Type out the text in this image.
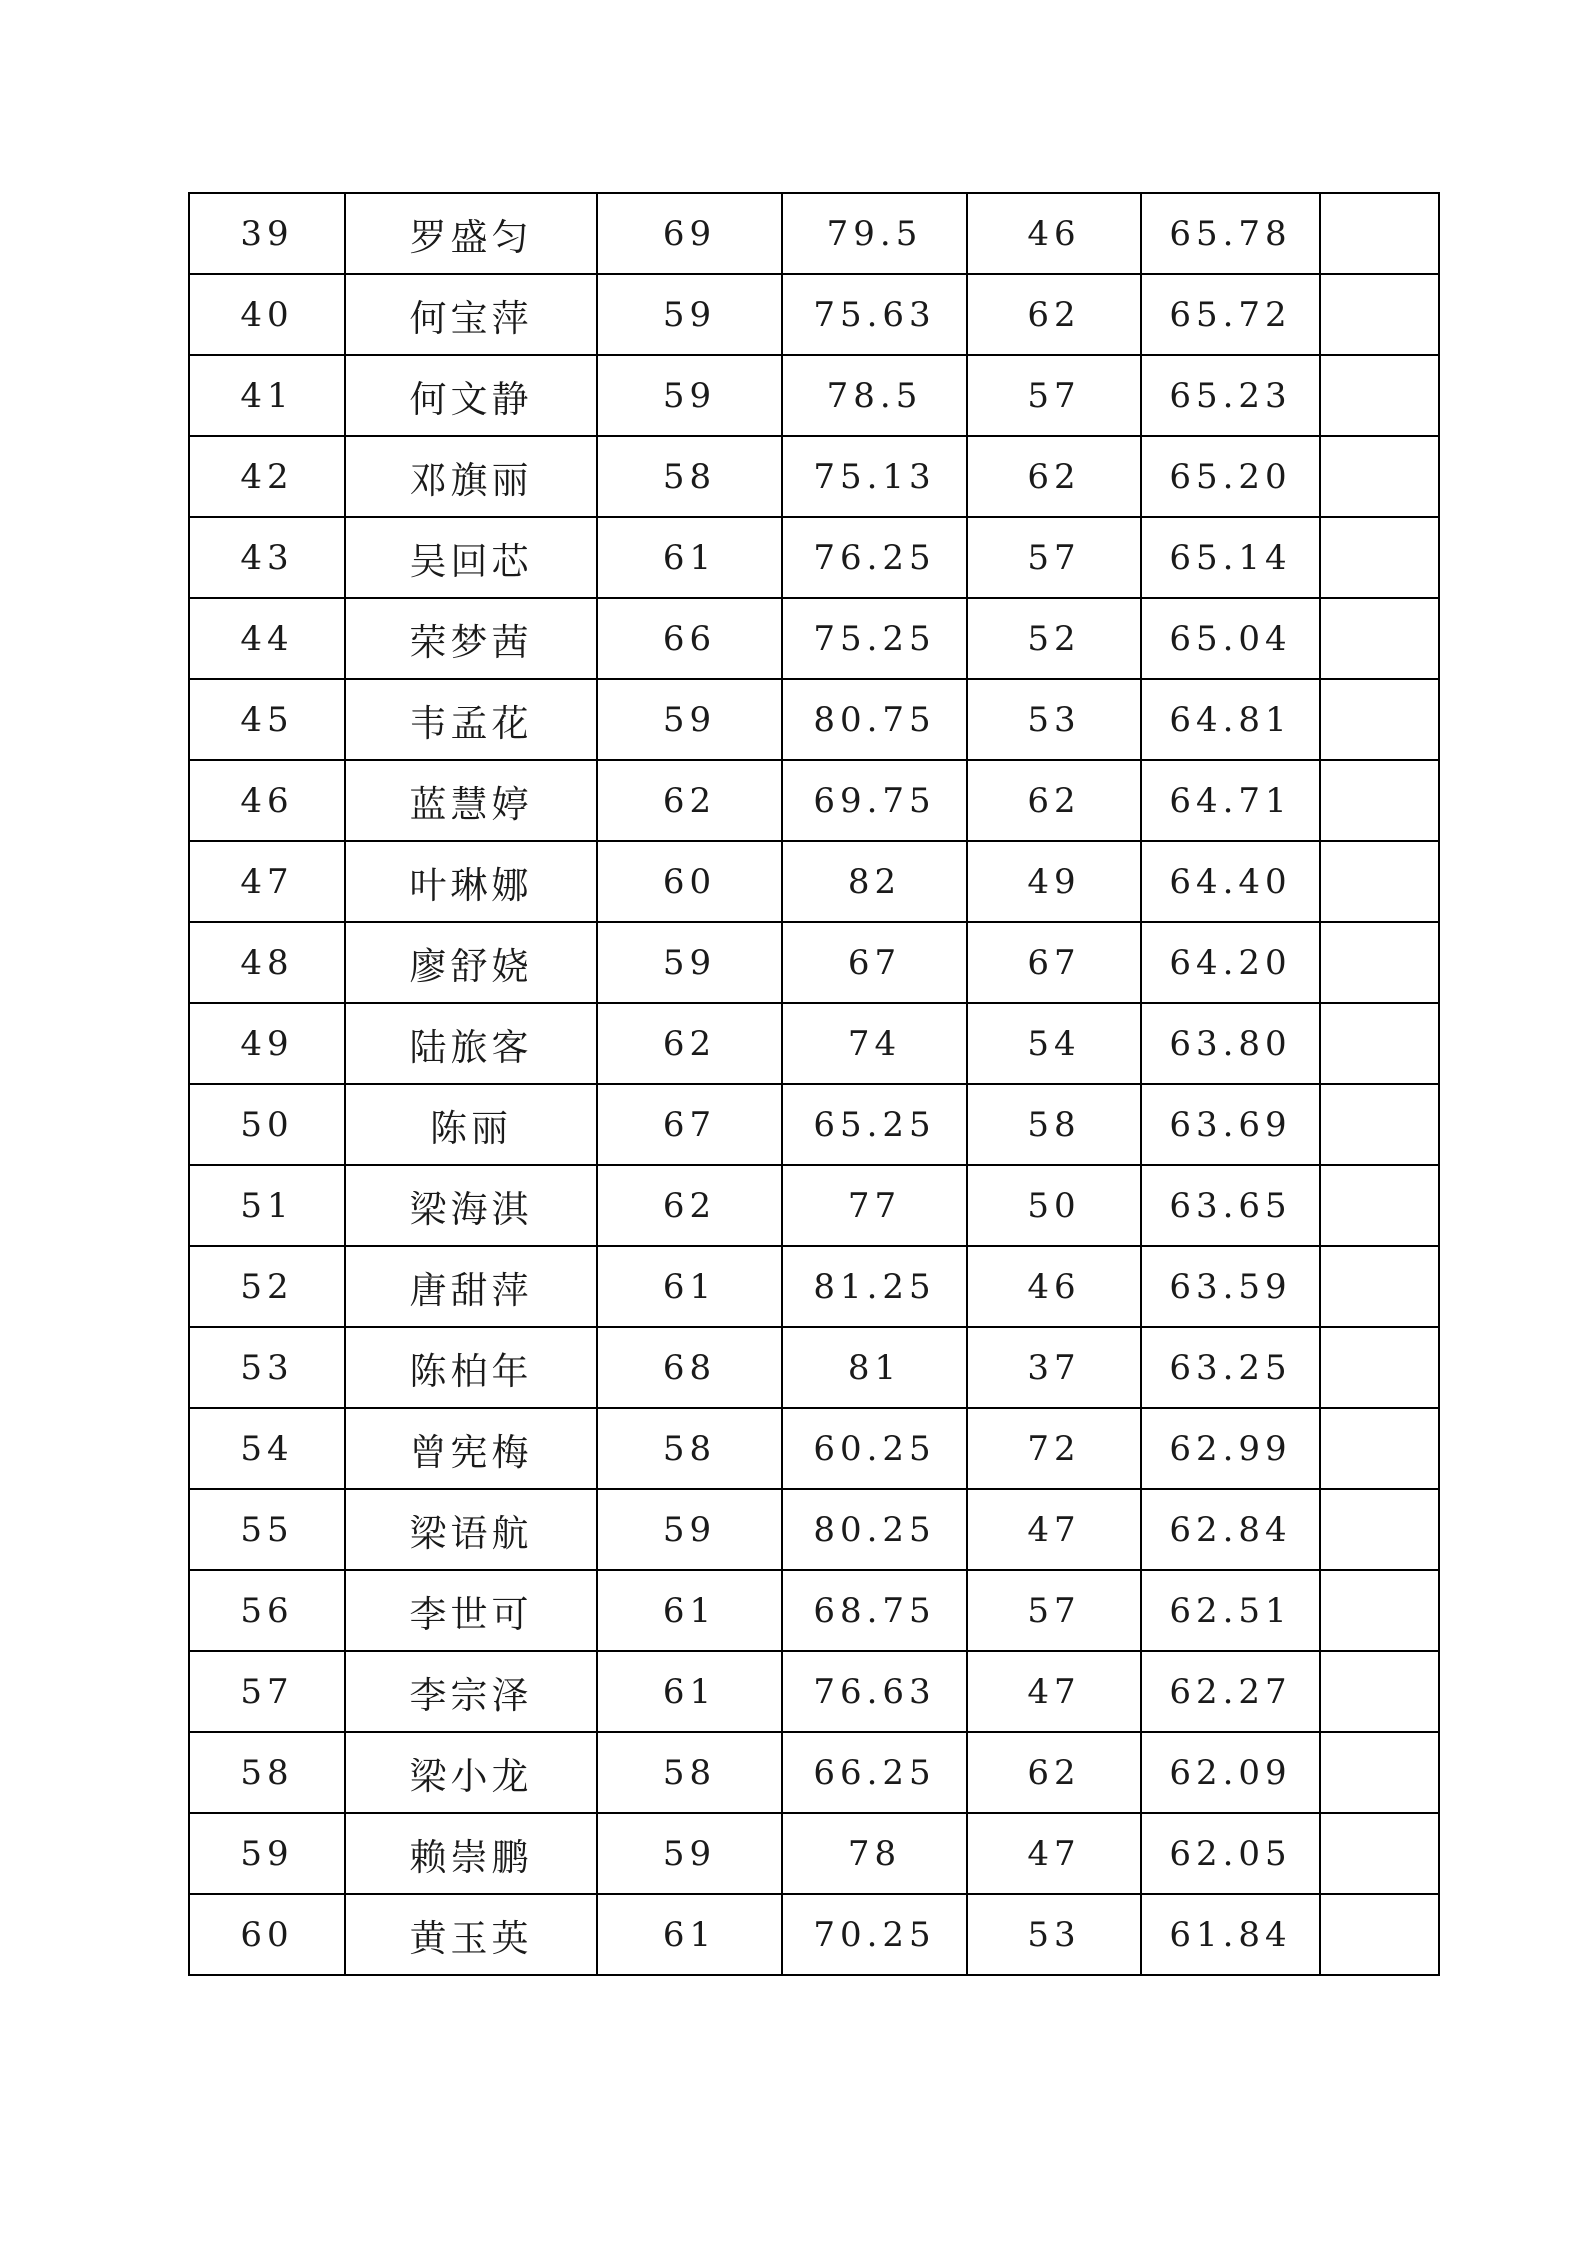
39	罗盛匀	69	79.5	46	65.78	
40	何宝萍	59	75.63	62	65.72	
41	何文静	59	78.5	57	65.23	
42	邓旗丽	58	75.13	62	65.20	
43	吴回芯	61	76.25	57	65.14	
44	荣梦茜	66	75.25	52	65.04	
45	韦孟花	59	80.75	53	64.81	
46	蓝慧婷	62	69.75	62	64.71	
47	叶琳娜	60	82	49	64.40	
48	廖舒娆	59	67	67	64.20	
49	陆旅客	62	74	54	63.80	
50	陈丽	67	65.25	58	63.69	
51	梁海淇	62	77	50	63.65	
52	唐甜萍	61	81.25	46	63.59	
53	陈柏年	68	81	37	63.25	
54	曾宪梅	58	60.25	72	62.99	
55	梁语航	59	80.25	47	62.84	
56	李世可	61	68.75	57	62.51	
57	李宗泽	61	76.63	47	62.27	
58	梁小龙	58	66.25	62	62.09	
59	赖崇鹏	59	78	47	62.05	
60	黄玉英	61	70.25	53	61.84	
